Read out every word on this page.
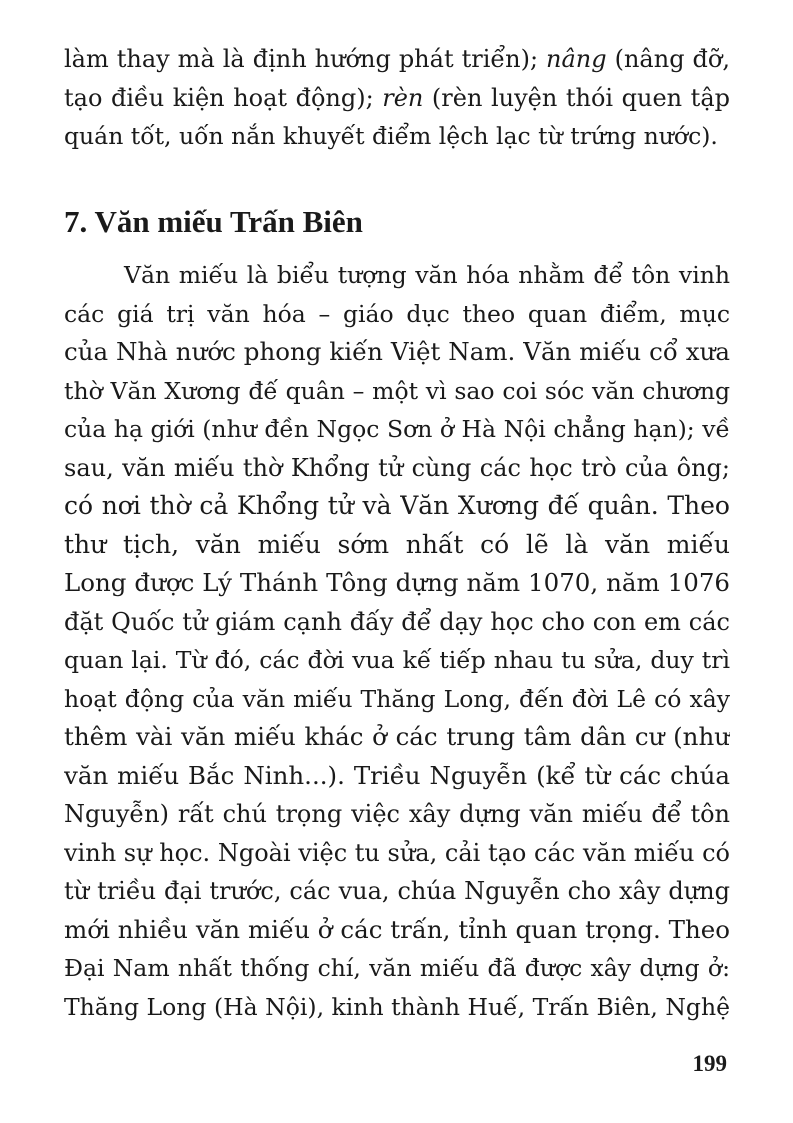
làm thay mà là định hướng phát triển); nâng (nâng đỡ,
tạo điều kiện hoạt động); rèn (rèn luyện thói quen tập
quán tốt, uốn nắn khuyết điểm lệch lạc từ trứng nước).
7. Văn miếu Trấn Biên
Văn miếu là biểu tượng văn hóa nhằm để tôn vinh
các giá trị văn hóa – giáo dục theo quan điểm, mục
của Nhà nước phong kiến Việt Nam. Văn miếu cổ xưa
thờ Văn Xương đế quân – một vì sao coi sóc văn chương
của hạ giới (như đền Ngọc Sơn ở Hà Nội chẳng hạn); về
sau, văn miếu thờ Khổng tử cùng các học trò của ông;
có nơi thờ cả Khổng tử và Văn Xương đế quân. Theo
thư tịch, văn miếu sớm nhất có lẽ là văn miếu
Long được Lý Thánh Tông dựng năm 1070, năm 1076
đặt Quốc tử giám cạnh đấy để dạy học cho con em các
quan lại. Từ đó, các đời vua kế tiếp nhau tu sửa, duy trì
hoạt động của văn miếu Thăng Long, đến đời Lê có xây
thêm vài văn miếu khác ở các trung tâm dân cư (như
văn miếu Bắc Ninh...). Triều Nguyễn (kể từ các chúa
Nguyễn) rất chú trọng việc xây dựng văn miếu để tôn
vinh sự học. Ngoài việc tu sửa, cải tạo các văn miếu có
từ triều đại trước, các vua, chúa Nguyễn cho xây dựng
mới nhiều văn miếu ở các trấn, tỉnh quan trọng. Theo
Đại Nam nhất thống chí, văn miếu đã được xây dựng ở:
Thăng Long (Hà Nội), kinh thành Huế, Trấn Biên, Nghệ
199
